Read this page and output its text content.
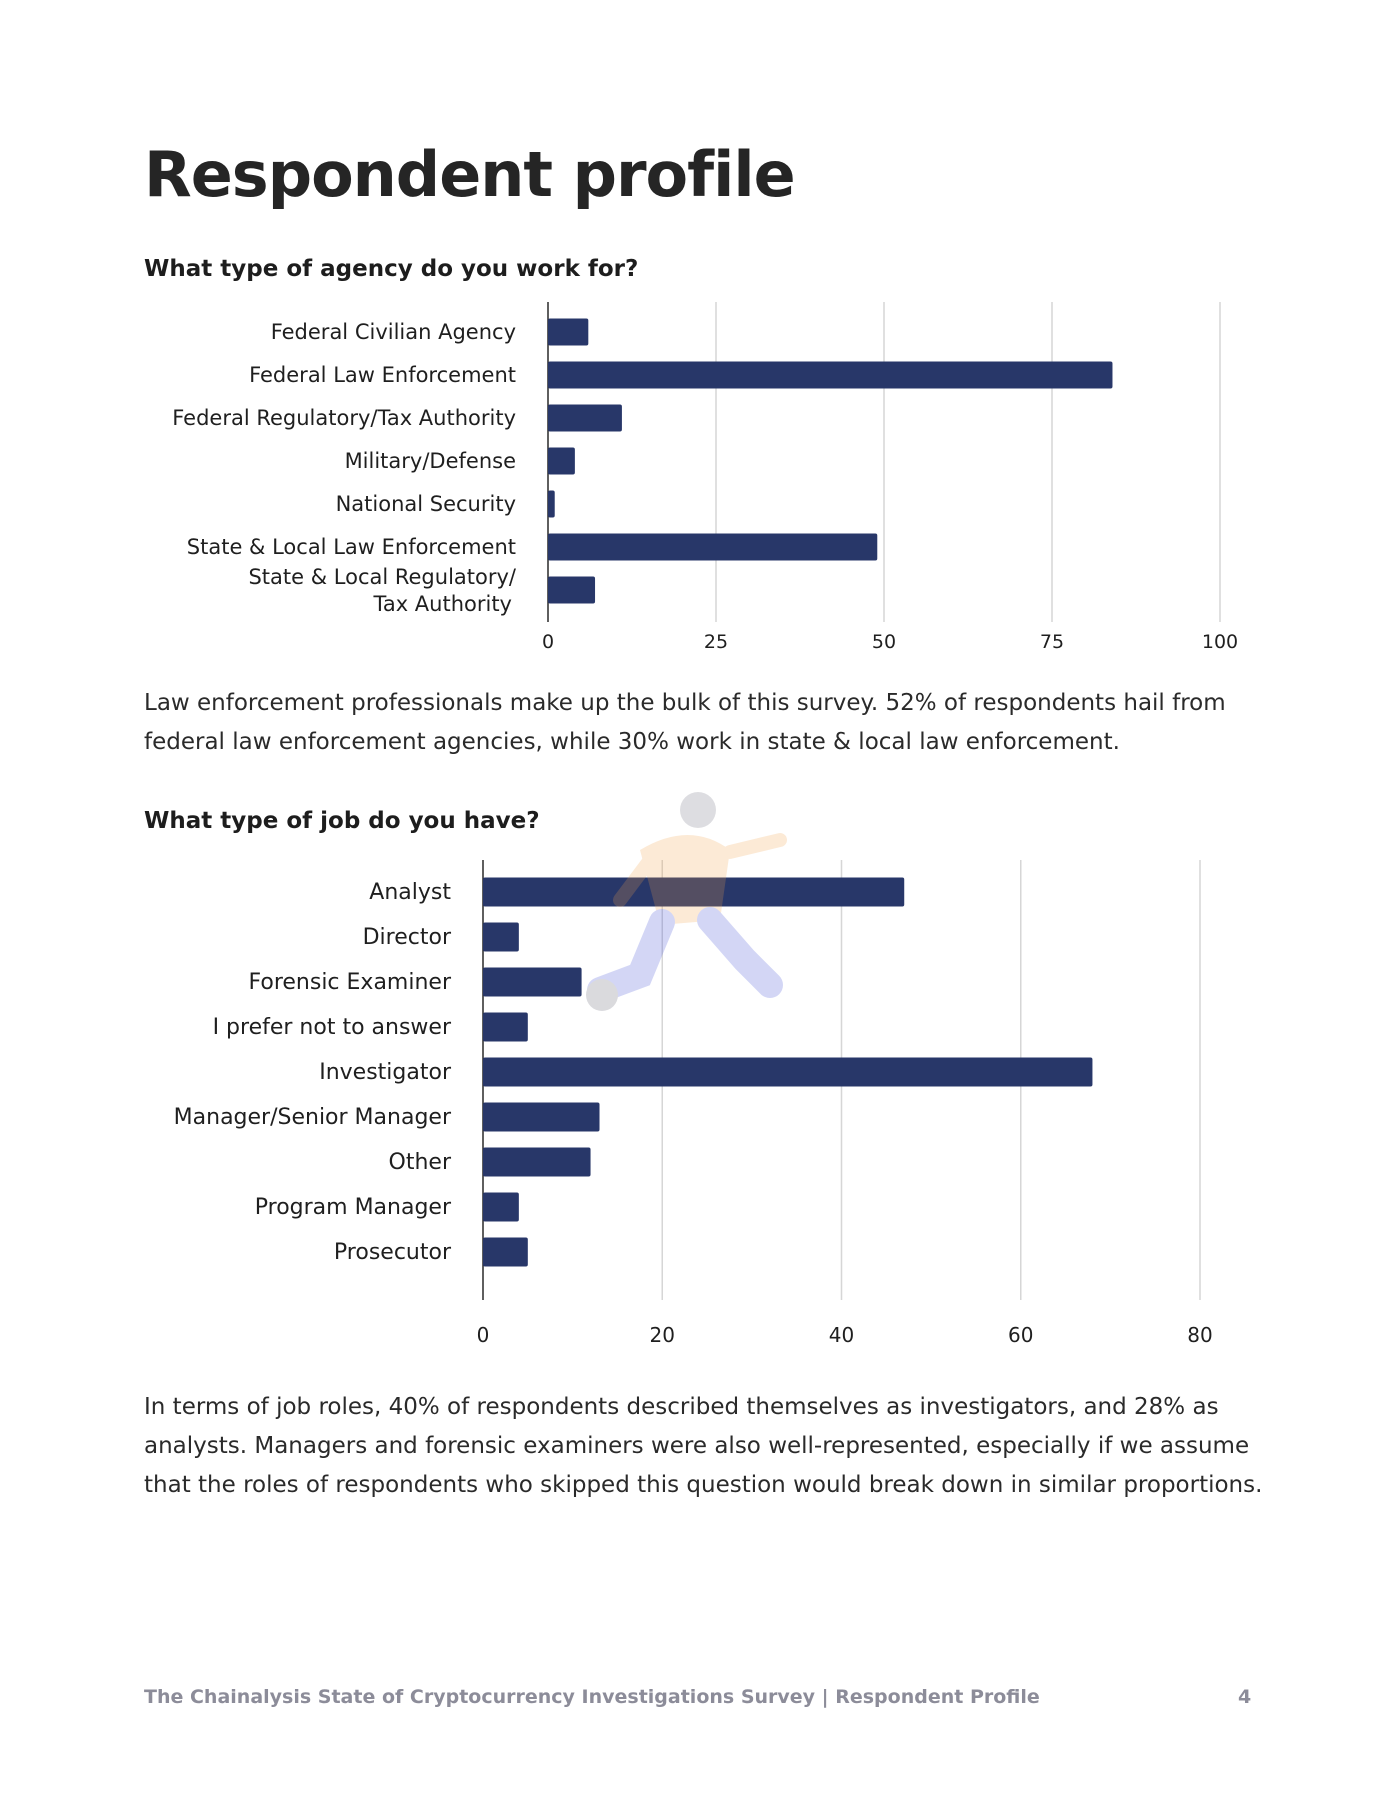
Respondent profile
What type of agency do you work for?
Federal Civilian Agency
Federal Law Enforcement
Federal Regulatory/Tax Authority
Military/Defense
National Security
State & Local Law Enforcement
State & Local Regulatory/ Tax Authority
0	25	50	75	100

Law enforcement professionals make up the bulk of this survey. 52% of respondents hail from federal law enforcement agencies, while 30% work in state & local law enforcement.

What type of job do you have?
Analyst
Director
Forensic Examiner
I prefer not to answer
Investigator
Manager/Senior Manager
Other
Program Manager
Prosecutor
0	20	40	60	80

In terms of job roles, 40% of respondents described themselves as investigators, and 28% as analysts. Managers and forensic examiners were also well-represented, especially if we assume that the roles of respondents who skipped this question would break down in similar proportions.

The Chainalysis State of Cryptocurrency Investigations Survey | Respondent Profile	4
